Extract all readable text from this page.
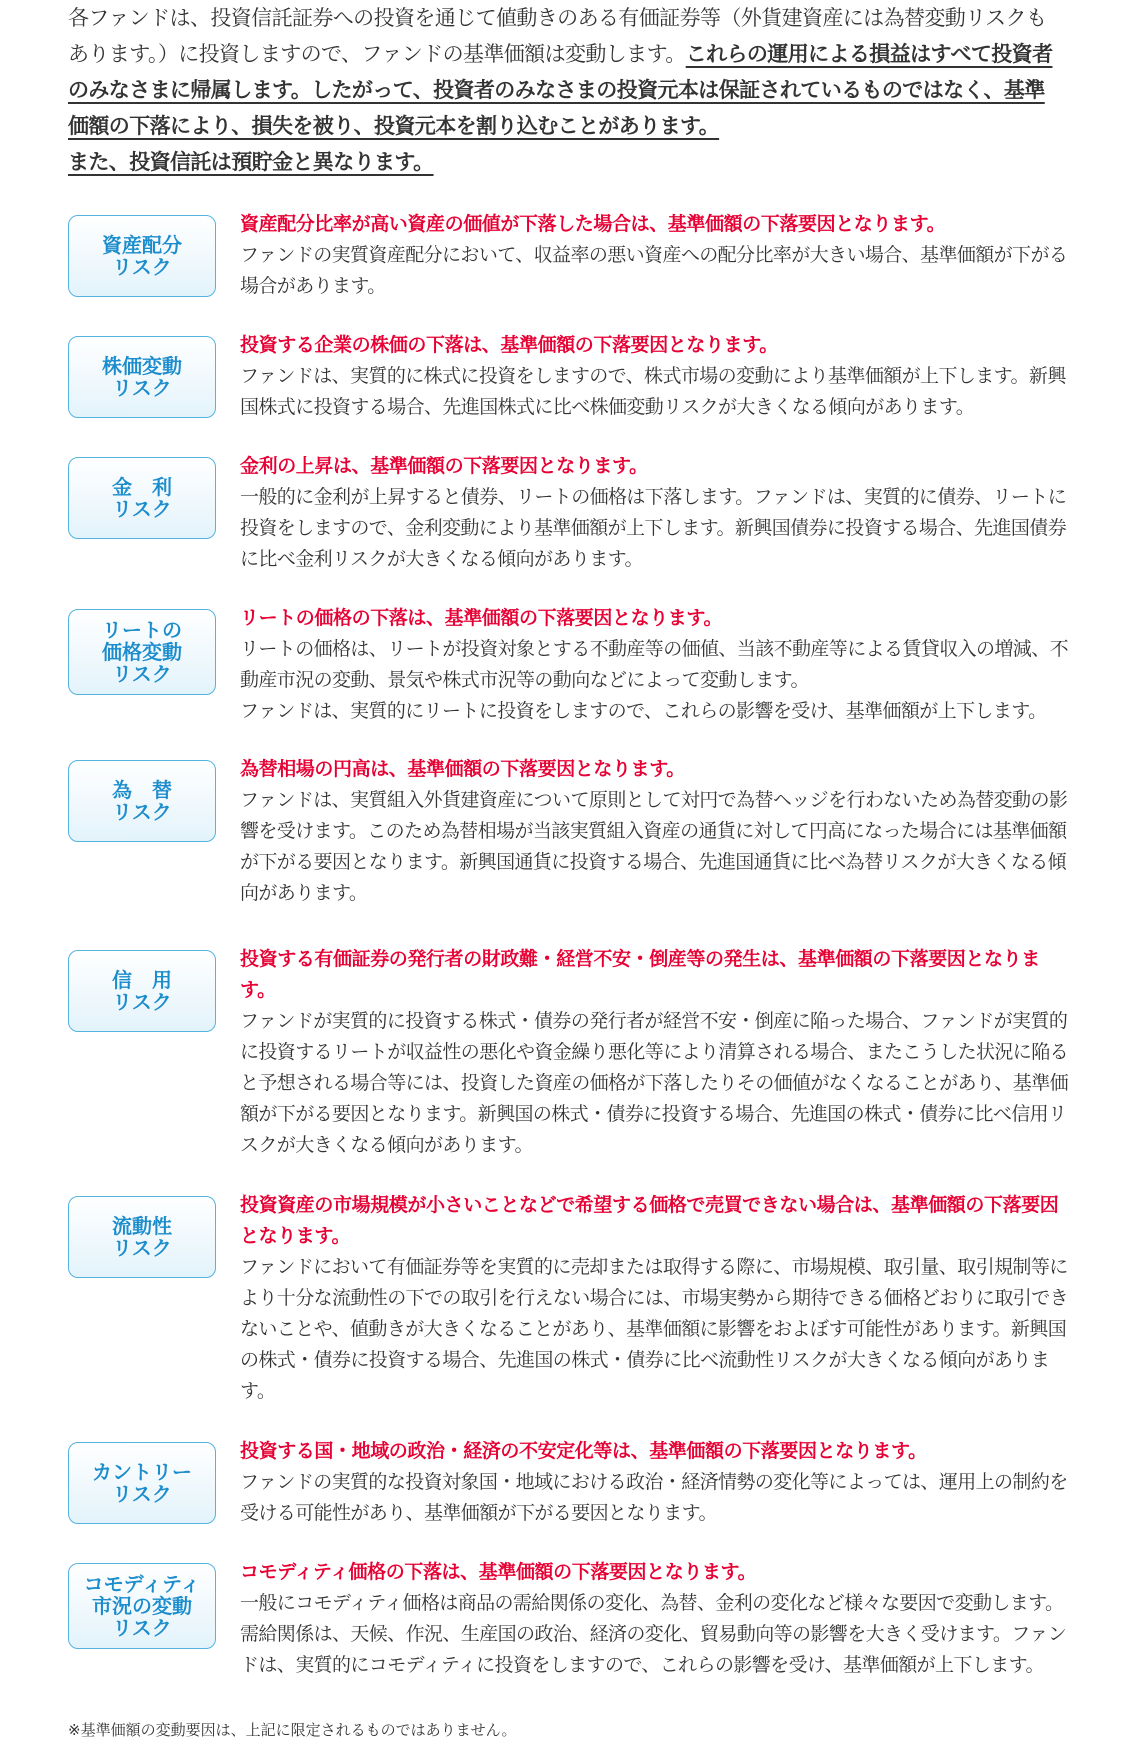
各ファンドは、投資信託証券への投資を通じて値動きのある有価証券等（外貨建資産には為替変動リスクもあります。）に投資しますので、ファンドの基準価額は変動します。これらの運用による損益はすべて投資者のみなさまに帰属します。したがって、投資者のみなさまの投資元本は保証されているものではなく、基準価額の下落により、損失を被り、投資元本を割り込むことがあります。
また、投資信託は預貯金と異なります。

資産配分
リスク

資産配分比率が高い資産の価値が下落した場合は、基準価額の下落要因となります。

ファンドの実質資産配分において、収益率の悪い資産への配分比率が大きい場合、基準価額が下がる場合があります。

株価変動
リスク

投資する企業の株価の下落は、基準価額の下落要因となります。

ファンドは、実質的に株式に投資をしますので、株式市場の変動により基準価額が上下します。新興国株式に投資する場合、先進国株式に比べ株価変動リスクが大きくなる傾向があります。

金　利
リスク

金利の上昇は、基準価額の下落要因となります。

一般的に金利が上昇すると債券、リートの価格は下落します。ファンドは、実質的に債券、リートに投資をしますので、金利変動により基準価額が上下します。新興国債券に投資する場合、先進国債券に比べ金利リスクが大きくなる傾向があります。

リートの
価格変動
リスク

リートの価格の下落は、基準価額の下落要因となります。

リートの価格は、リートが投資対象とする不動産等の価値、当該不動産等による賃貸収入の増減、不動産市況の変動、景気や株式市況等の動向などによって変動します。
ファンドは、実質的にリートに投資をしますので、これらの影響を受け、基準価額が上下します。

為　替
リスク

為替相場の円高は、基準価額の下落要因となります。

ファンドは、実質組入外貨建資産について原則として対円で為替ヘッジを行わないため為替変動の影響を受けます。このため為替相場が当該実質組入資産の通貨に対して円高になった場合には基準価額が下がる要因となります。新興国通貨に投資する場合、先進国通貨に比べ為替リスクが大きくなる傾向があります。

信　用
リスク

投資する有価証券の発行者の財政難・経営不安・倒産等の発生は、基準価額の下落要因となります。

ファンドが実質的に投資する株式・債券の発行者が経営不安・倒産に陥った場合、ファンドが実質的に投資するリートが収益性の悪化や資金繰り悪化等により清算される場合、またこうした状況に陥ると予想される場合等には、投資した資産の価格が下落したりその価値がなくなることがあり、基準価額が下がる要因となります。新興国の株式・債券に投資する場合、先進国の株式・債券に比べ信用リスクが大きくなる傾向があります。

流動性
リスク

投資資産の市場規模が小さいことなどで希望する価格で売買できない場合は、基準価額の下落要因となります。

ファンドにおいて有価証券等を実質的に売却または取得する際に、市場規模、取引量、取引規制等により十分な流動性の下での取引を行えない場合には、市場実勢から期待できる価格どおりに取引できないことや、値動きが大きくなることがあり、基準価額に影響をおよぼす可能性があります。新興国の株式・債券に投資する場合、先進国の株式・債券に比べ流動性リスクが大きくなる傾向があります。

カントリー
リスク

投資する国・地域の政治・経済の不安定化等は、基準価額の下落要因となります。

ファンドの実質的な投資対象国・地域における政治・経済情勢の変化等によっては、運用上の制約を受ける可能性があり、基準価額が下がる要因となります。

コモディティ
市況の変動
リスク

コモディティ価格の下落は、基準価額の下落要因となります。

一般にコモディティ価格は商品の需給関係の変化、為替、金利の変化など様々な要因で変動します。需給関係は、天候、作況、生産国の政治、経済の変化、貿易動向等の影響を大きく受けます。ファンドは、実質的にコモディティに投資をしますので、これらの影響を受け、基準価額が上下します。

※基準価額の変動要因は、上記に限定されるものではありません。
